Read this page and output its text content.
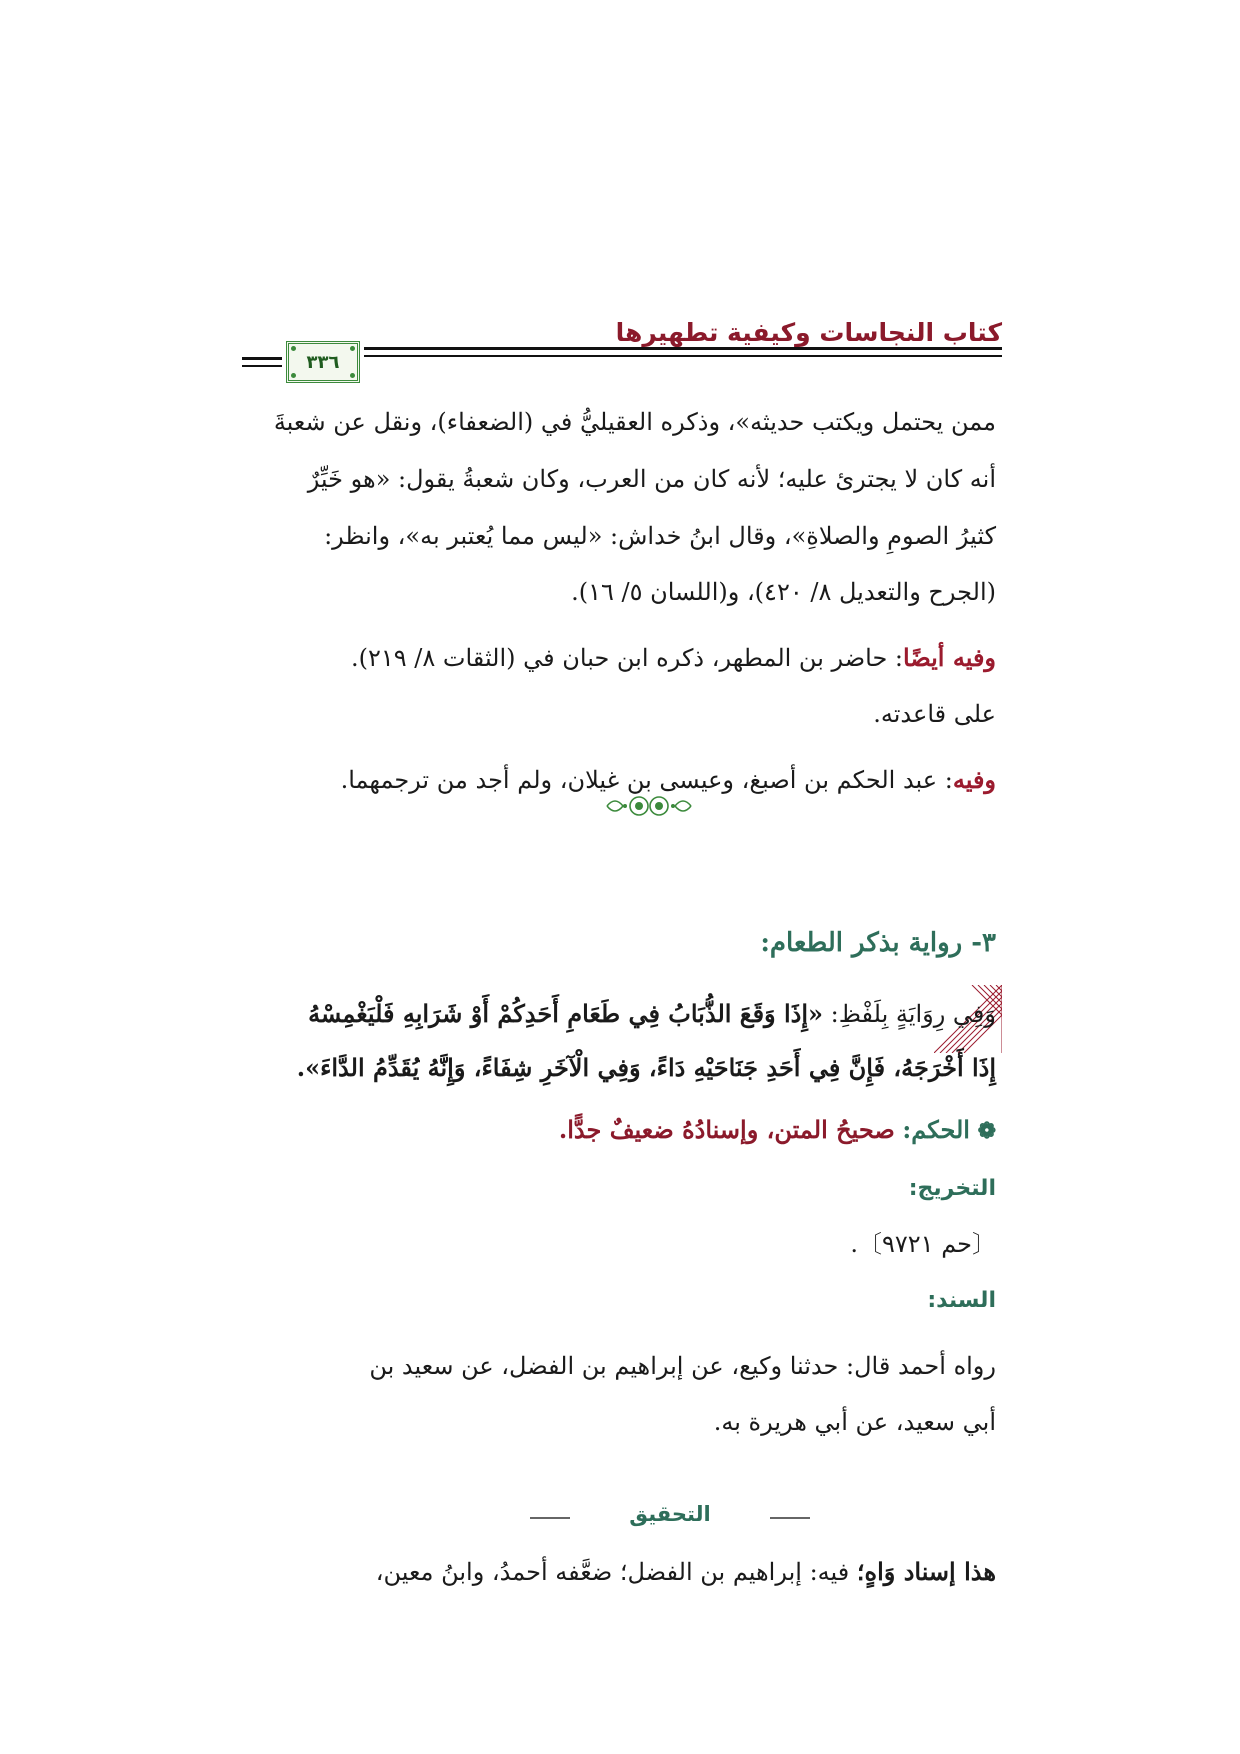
كتاب النجاسات وكيفية تطهيرها
٣٣٦
ممن يحتمل ويكتب حديثه»، وذكره العقيليُّ في (الضعفاء)، ونقل عن شعبةَ
أنه كان لا يجترئ عليه؛ لأنه كان من العرب، وكان شعبةُ يقول: «هو خَيِّرٌ
كثيرُ الصومِ والصلاةِ»، وقال ابنُ خداش: «ليس مما يُعتبر به»، وانظر:
(الجرح والتعديل ٨/ ٤٢٠)، و(اللسان ٥/ ١٦).
وفيه أيضًا: حاضر بن المطهر، ذكره ابن حبان في (الثقات ٨/ ٢١٩).
على قاعدته.
وفيه: عبد الحكم بن أصبغ، وعيسى بن غيلان، ولم أجد من ترجمهما.
٣- رواية بذكر الطعام:
وَفِي رِوَايَةٍ بِلَفْظِ: «إِذَا وَقَعَ الذُّبَابُ فِي طَعَامِ أَحَدِكُمْ أَوْ شَرَابِهِ فَلْيَغْمِسْهُ
إِذَا أَخْرَجَهُ، فَإِنَّ فِي أَحَدِ جَنَاحَيْهِ دَاءً، وَفِي الْآخَرِ شِفَاءً، وَإِنَّهُ يُقَدِّمُ الدَّاءَ».
❁ الحكم: صحيحُ المتن، وإسنادُهُ ضعيفٌ جدًّا.
التخريج:
〔حم ٩٧٢١〕.
السند:
رواه أحمد قال: حدثنا وكيع، عن إبراهيم بن الفضل، عن سعيد بن
أبي سعيد، عن أبي هريرة به.
التحقيق
هذا إسناد وَاهٍ؛ فيه: إبراهيم بن الفضل؛ ضعَّفه أحمدُ، وابنُ معين،
